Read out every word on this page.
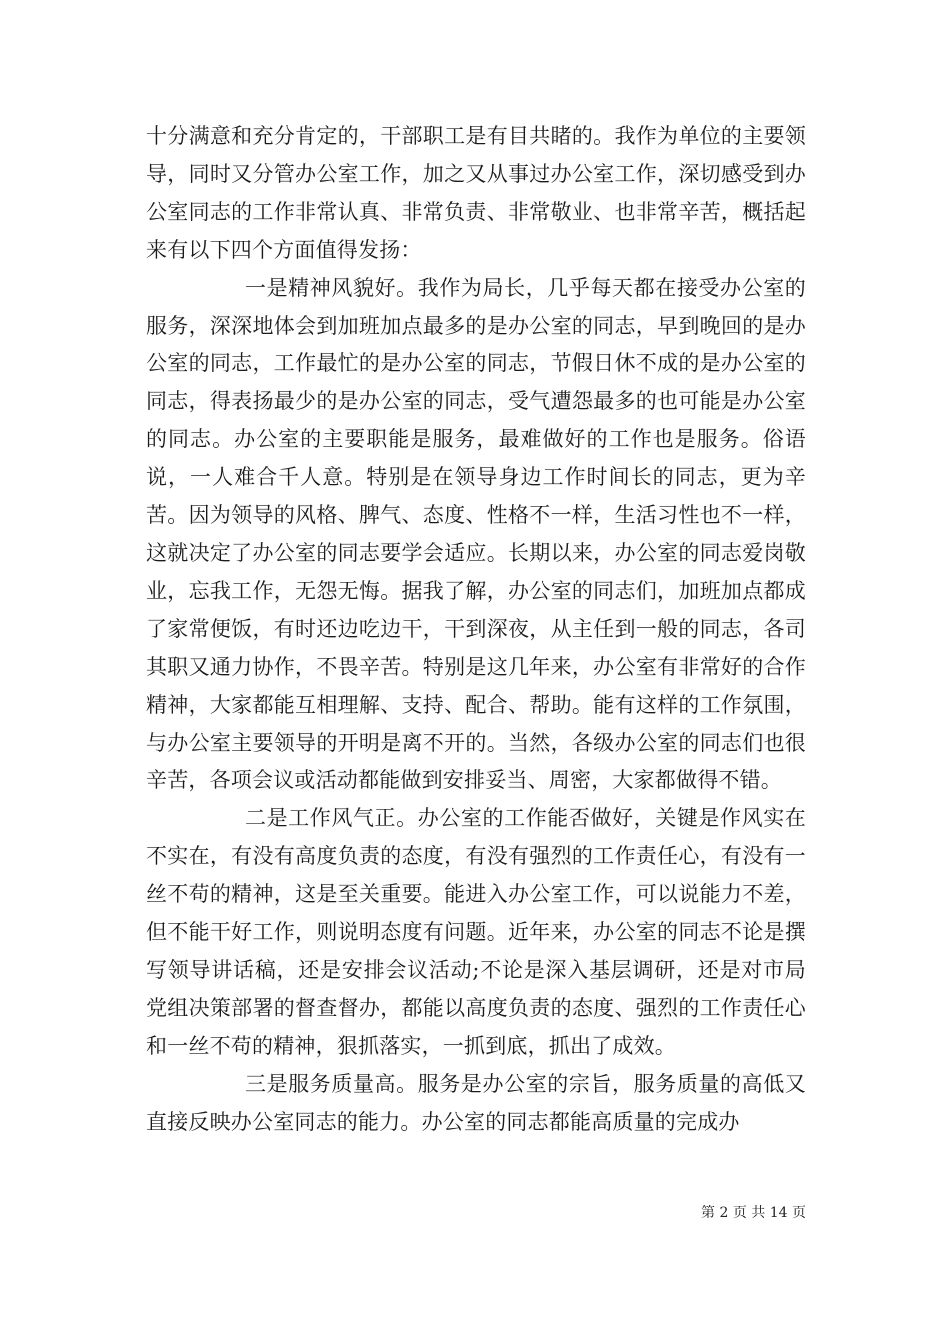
十分满意和充分肯定的，干部职工是有目共睹的。我作为单位的主要领导，同时又分管办公室工作，加之又从事过办公室工作，深切感受到办公室同志的工作非常认真、非常负责、非常敬业、也非常辛苦，概括起来有以下四个方面值得发扬：

一是精神风貌好。我作为局长，几乎每天都在接受办公室的服务，深深地体会到加班加点最多的是办公室的同志，早到晚回的是办公室的同志，工作最忙的是办公室的同志，节假日休不成的是办公室的同志，得表扬最少的是办公室的同志，受气遭怨最多的也可能是办公室的同志。办公室的主要职能是服务，最难做好的工作也是服务。俗语说，一人难合千人意。特别是在领导身边工作时间长的同志，更为辛苦。因为领导的风格、脾气、态度、性格不一样，生活习性也不一样，这就决定了办公室的同志要学会适应。长期以来，办公室的同志爱岗敬业，忘我工作，无怨无悔。据我了解，办公室的同志们，加班加点都成了家常便饭，有时还边吃边干，干到深夜，从主任到一般的同志，各司其职又通力协作，不畏辛苦。特别是这几年来，办公室有非常好的合作精神，大家都能互相理解、支持、配合、帮助。能有这样的工作氛围，与办公室主要领导的开明是离不开的。当然，各级办公室的同志们也很辛苦，各项会议或活动都能做到安排妥当、周密，大家都做得不错。

二是工作风气正。办公室的工作能否做好，关键是作风实在不实在，有没有高度负责的态度，有没有强烈的工作责任心，有没有一丝不苟的精神，这是至关重要。能进入办公室工作，可以说能力不差，但不能干好工作，则说明态度有问题。近年来，办公室的同志不论是撰写领导讲话稿，还是安排会议活动;不论是深入基层调研，还是对市局党组决策部署的督查督办，都能以高度负责的态度、强烈的工作责任心和一丝不苟的精神，狠抓落实，一抓到底，抓出了成效。

三是服务质量高。服务是办公室的宗旨，服务质量的高低又直接反映办公室同志的能力。办公室的同志都能高质量的完成办

第 2 页 共 14 页
